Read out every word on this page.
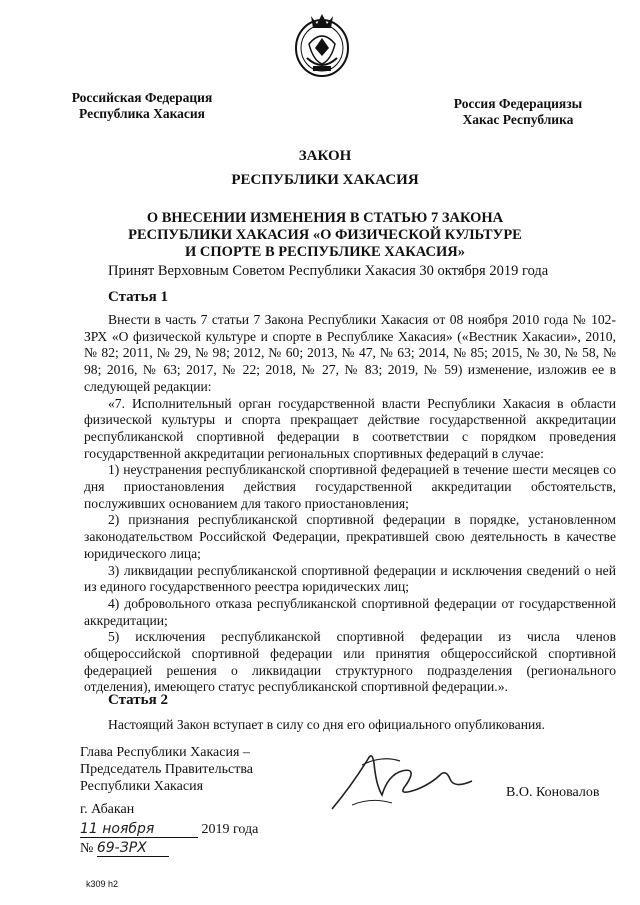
Российская Федерация
Республика Хакасия
Россия Федерациязы
Хакас Республика
ЗАКОН
РЕСПУБЛИКИ ХАКАСИЯ
О ВНЕСЕНИИ ИЗМЕНЕНИЯ В СТАТЬЮ 7 ЗАКОНА
РЕСПУБЛИКИ ХАКАСИЯ «О ФИЗИЧЕСКОЙ КУЛЬТУРЕ
И СПОРТЕ В РЕСПУБЛИКЕ ХАКАСИЯ»
Принят Верховным Советом Республики Хакасия 30 октября 2019 года
Статья 1

Внести в часть 7 статьи 7 Закона Республики Хакасия от 08 ноября 2010 года № 102-ЗРХ «О физической культуре и спорте в Республике Хакасия» («Вестник Хакасии», 2010, № 82; 2011, № 29, № 98; 2012, № 60; 2013, № 47, № 63; 2014, № 85; 2015, № 30, № 58, № 98; 2016, № 63; 2017, № 22; 2018, № 27, № 83; 2019, № 59) изменение, изложив ее в следующей редакции:

«7. Исполнительный орган государственной власти Республики Хакасия в области физической культуры и спорта прекращает действие государственной аккредитации республиканской спортивной федерации в соответствии с порядком проведения государственной аккредитации региональных спортивных федераций в случае:

1) неустранения республиканской спортивной федерацией в течение шести месяцев со дня приостановления действия государственной аккредитации обстоятельств, послуживших основанием для такого приостановления;

2) признания республиканской спортивной федерации в порядке, установленном законодательством Российской Федерации, прекратившей свою деятельность в качестве юридического лица;

3) ликвидации республиканской спортивной федерации и исключения сведений о ней из единого государственного реестра юридических лиц;

4) добровольного отказа республиканской спортивной федерации от государственной аккредитации;

5) исключения республиканской спортивной федерации из числа членов общероссийской спортивной федерации или принятия общероссийской спортивной федерацией решения о ликвидации структурного подразделения (регионального отделения), имеющего статус республиканской спортивной федерации.».

Статья 2

Настоящий Закон вступает в силу со дня его официального опубликования.

Глава Республики Хакасия –
Председатель Правительства
Республики Хакасия	В.О. Коновалов
г. Абакан
11 ноября	2019 года
№ 69-ЗРХ
k309 h2
